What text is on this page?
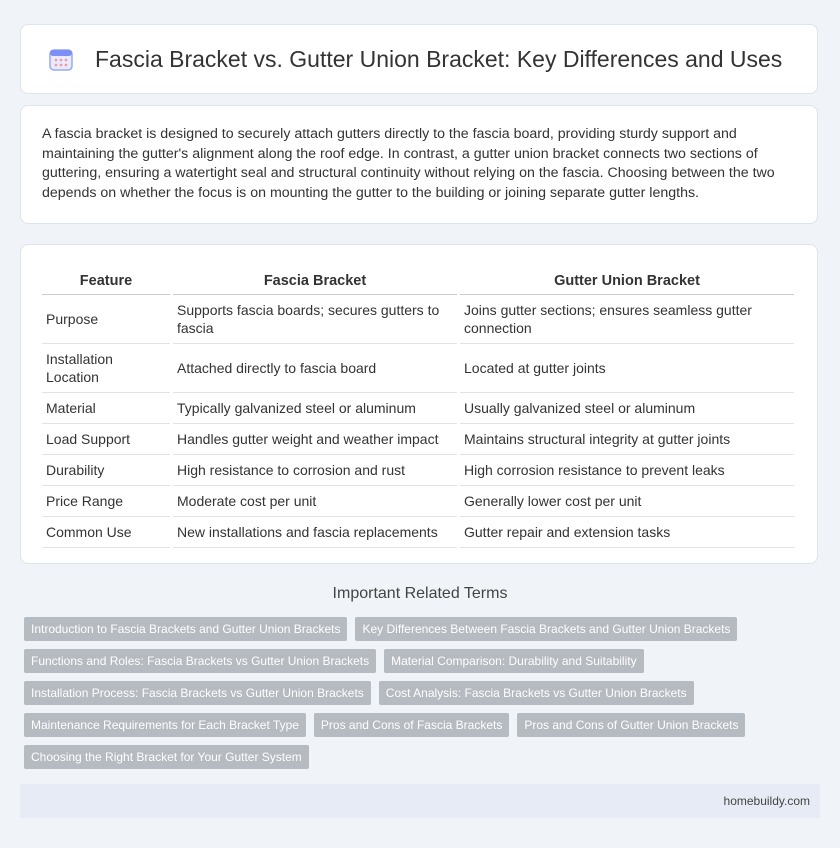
Fascia Bracket vs. Gutter Union Bracket: Key Differences and Uses

A fascia bracket is designed to securely attach gutters directly to the fascia board, providing sturdy support and maintaining the gutter's alignment along the roof edge. In contrast, a gutter union bracket connects two sections of guttering, ensuring a watertight seal and structural continuity without relying on the fascia. Choosing between the two depends on whether the focus is on mounting the gutter to the building or joining separate gutter lengths.

Feature	Fascia Bracket	Gutter Union Bracket
Purpose	Supports fascia boards; secures gutters to fascia	Joins gutter sections; ensures seamless gutter connection
Installation Location	Attached directly to fascia board	Located at gutter joints
Material	Typically galvanized steel or aluminum	Usually galvanized steel or aluminum
Load Support	Handles gutter weight and weather impact	Maintains structural integrity at gutter joints
Durability	High resistance to corrosion and rust	High corrosion resistance to prevent leaks
Price Range	Moderate cost per unit	Generally lower cost per unit
Common Use	New installations and fascia replacements	Gutter repair and extension tasks
Important Related Terms
Introduction to Fascia Brackets and Gutter Union Brackets	Key Differences Between Fascia Brackets and Gutter Union Brackets
Functions and Roles: Fascia Brackets vs Gutter Union Brackets	Material Comparison: Durability and Suitability
Installation Process: Fascia Brackets vs Gutter Union Brackets	Cost Analysis: Fascia Brackets vs Gutter Union Brackets
Maintenance Requirements for Each Bracket Type	Pros and Cons of Fascia Brackets	Pros and Cons of Gutter Union Brackets
Choosing the Right Bracket for Your Gutter System
homebuildy.com
